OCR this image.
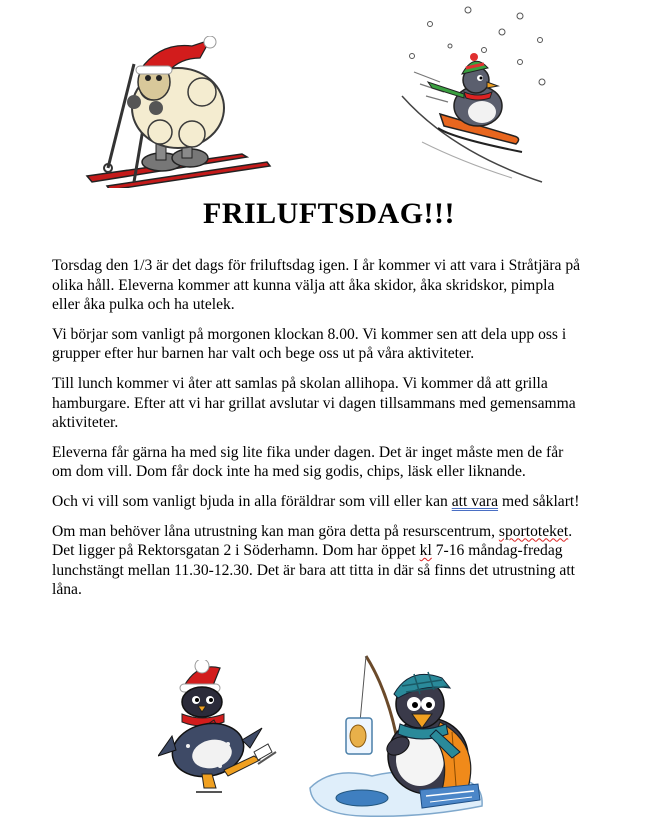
FRILUFTSDAG!!!

Torsdag den 1/3 är det dags för friluftsdag igen. I år kommer vi att vara i Stråtjära på olika håll. Eleverna kommer att kunna välja att åka skidor, åka skridskor, pimpla eller åka pulka och ha utelek.

Vi börjar som vanligt på morgonen klockan 8.00. Vi kommer sen att dela upp oss i grupper efter hur barnen har valt och bege oss ut på våra aktiviteter.

Till lunch kommer vi åter att samlas på skolan allihopa. Vi kommer då att grilla hamburgare. Efter att vi har grillat avslutar vi dagen tillsammans med gemensamma aktiviteter.

Eleverna får gärna ha med sig lite fika under dagen. Det är inget måste men de får om dom vill. Dom får dock inte ha med sig godis, chips, läsk eller liknande.

Och vi vill som vanligt bjuda in alla föräldrar som vill eller kan att vara med såklart!

Om man behöver låna utrustning kan man göra detta på resurscentrum, sportoteket. Det ligger på Rektorsgatan 2 i Söderhamn. Dom har öppet kl 7-16 måndag-fredag lunchstängt mellan 11.30-12.30. Det är bara att titta in där så finns det utrustning att låna.
